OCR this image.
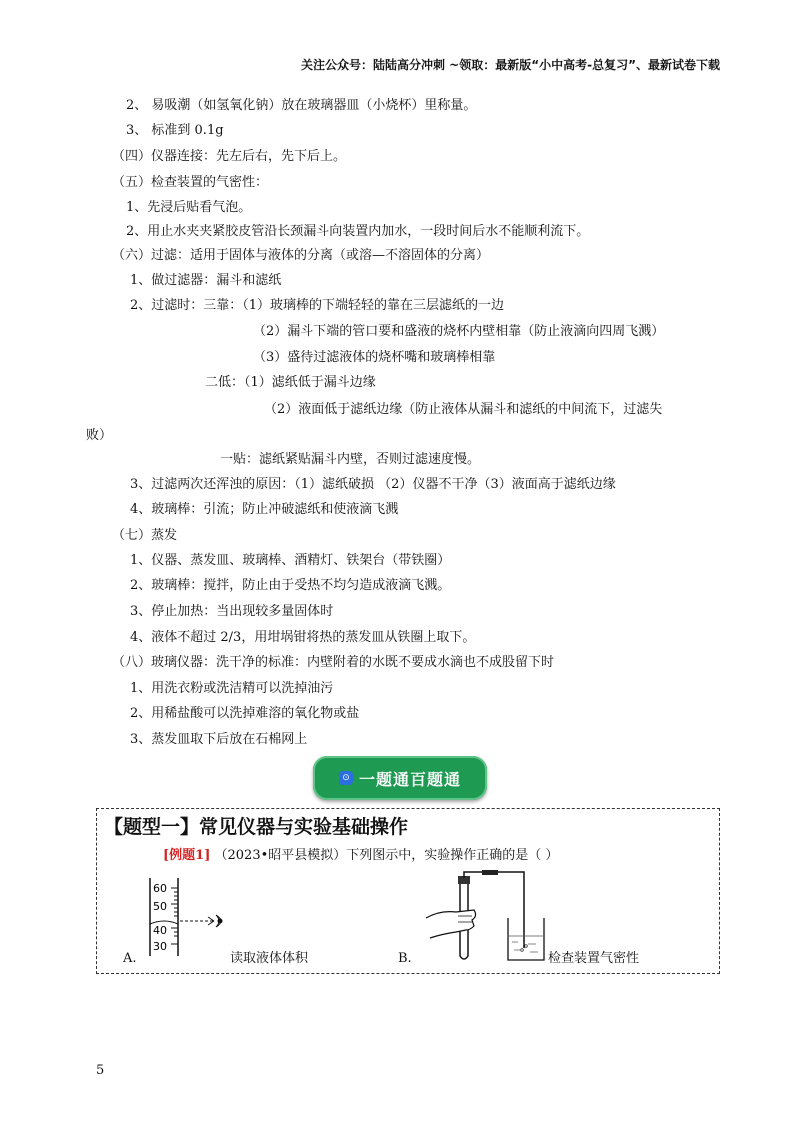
关注公众号：陆陆高分冲刺 ~领取：最新版“小中高考-总复习”、最新试卷下载
2、 易吸潮（如氢氧化钠）放在玻璃器皿（小烧杯）里称量。
3、 标准到 0.1g
（四）仪器连接：先左后右，先下后上。
（五）检查装置的气密性：
1、先浸后贴看气泡。
2、用止水夹夹紧胶皮管沿长颈漏斗向装置内加水，一段时间后水不能顺利流下。
（六）过滤：适用于固体与液体的分离（或溶—不溶固体的分离）
1、做过滤器：漏斗和滤纸
2、过滤时：三靠：（1）玻璃棒的下端轻轻的靠在三层滤纸的一边
（2）漏斗下端的管口要和盛液的烧杯内壁相靠（防止液滴向四周飞溅）
（3）盛待过滤液体的烧杯嘴和玻璃棒相靠
二低：（1）滤纸低于漏斗边缘
（2）液面低于滤纸边缘（防止液体从漏斗和滤纸的中间流下，过滤失
败）
一贴：滤纸紧贴漏斗内壁，否则过滤速度慢。
3、过滤两次还浑浊的原因：（1）滤纸破损 （2）仪器不干净（3）液面高于滤纸边缘
4、玻璃棒：引流；防止冲破滤纸和使液滴飞溅
（七）蒸发
1、仪器、蒸发皿、玻璃棒、酒精灯、铁架台（带铁圈）
2、玻璃棒：搅拌，防止由于受热不均匀造成液滴飞溅。
3、停止加热：当出现较多量固体时
4、液体不超过 2/3，用坩埚钳将热的蒸发皿从铁圈上取下。
（八）玻璃仪器：洗干净的标准：内壁附着的水既不要成水滴也不成股留下时
1、用洗衣粉或洗洁精可以洗掉油污
2、用稀盐酸可以洗掉难溶的氧化物或盐
3、蒸发皿取下后放在石棉网上
⊙ 一题通百题通
【题型一】常见仪器与实验基础操作
[例题1] （2023•昭平县模拟）下列图示中，实验操作正确的是（ ）
60
50
40
30
A.	读取液体体积	B.	检查装置气密性
5
